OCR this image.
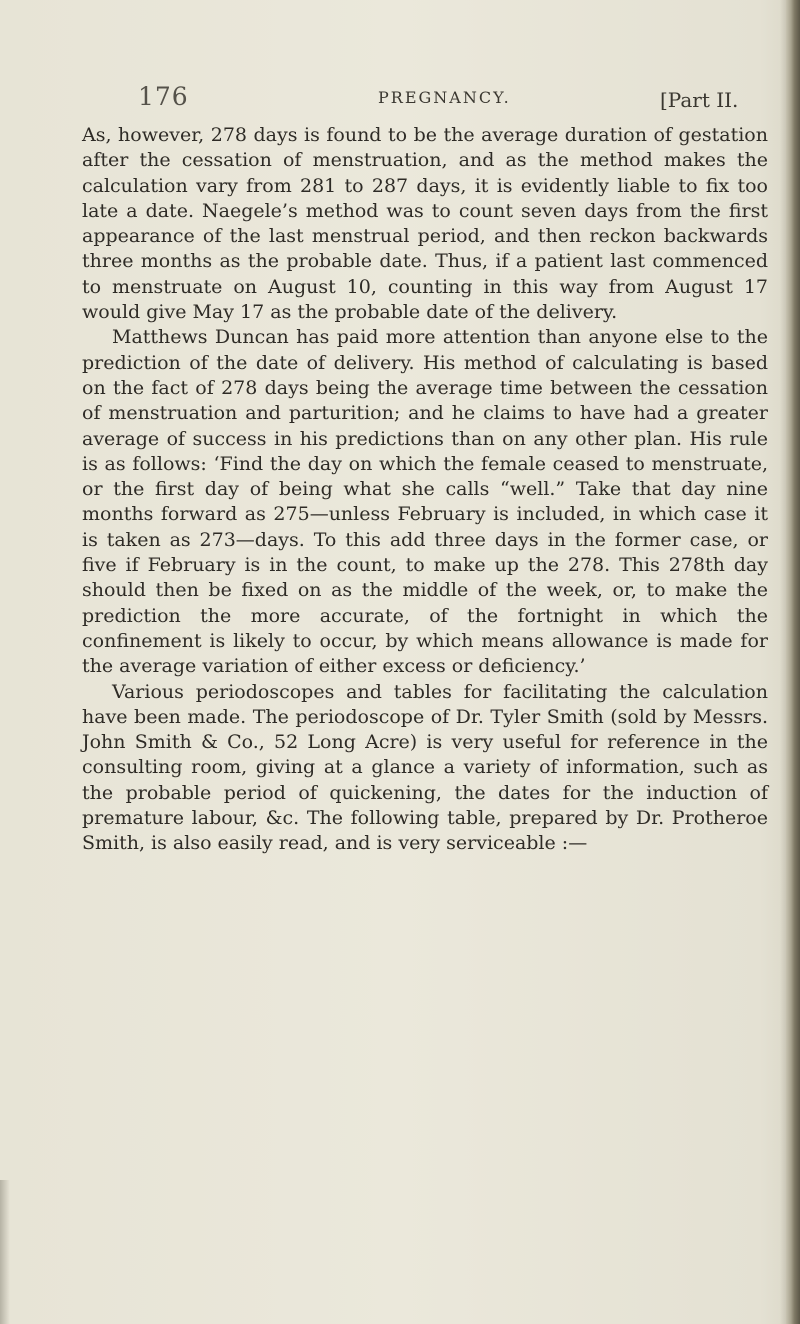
176	PREGNANCY.	[Part II.

As, however, 278 days is found to be the average duration of gestation after the cessation of menstruation, and as the method makes the calculation vary from 281 to 287 days, it is evidently liable to fix too late a date. Naegele’s method was to count seven days from the first appearance of the last menstrual period, and then reckon backwards three months as the probable date. Thus, if a patient last commenced to menstruate on August 10, counting in this way from August 17 would give May 17 as the probable date of the delivery.

Matthews Duncan has paid more attention than anyone else to the prediction of the date of delivery. His method of calculating is based on the fact of 278 days being the average time between the cessation of menstruation and parturition; and he claims to have had a greater average of success in his predictions than on any other plan. His rule is as follows: ‘Find the day on which the female ceased to menstruate, or the first day of being what she calls “well.” Take that day nine months forward as 275—unless February is included, in which case it is taken as 273—days. To this add three days in the former case, or five if February is in the count, to make up the 278. This 278th day should then be fixed on as the middle of the week, or, to make the prediction the more accurate, of the fortnight in which the confinement is likely to occur, by which means allowance is made for the average variation of either excess or deficiency.’

Various periodoscopes and tables for facilitating the calculation have been made. The periodoscope of Dr. Tyler Smith (sold by Messrs. John Smith & Co., 52 Long Acre) is very useful for reference in the consulting room, giving at a glance a variety of information, such as the probable period of quickening, the dates for the induction of premature labour, &c. The following table, prepared by Dr. Protheroe Smith, is also easily read, and is very serviceable :—
